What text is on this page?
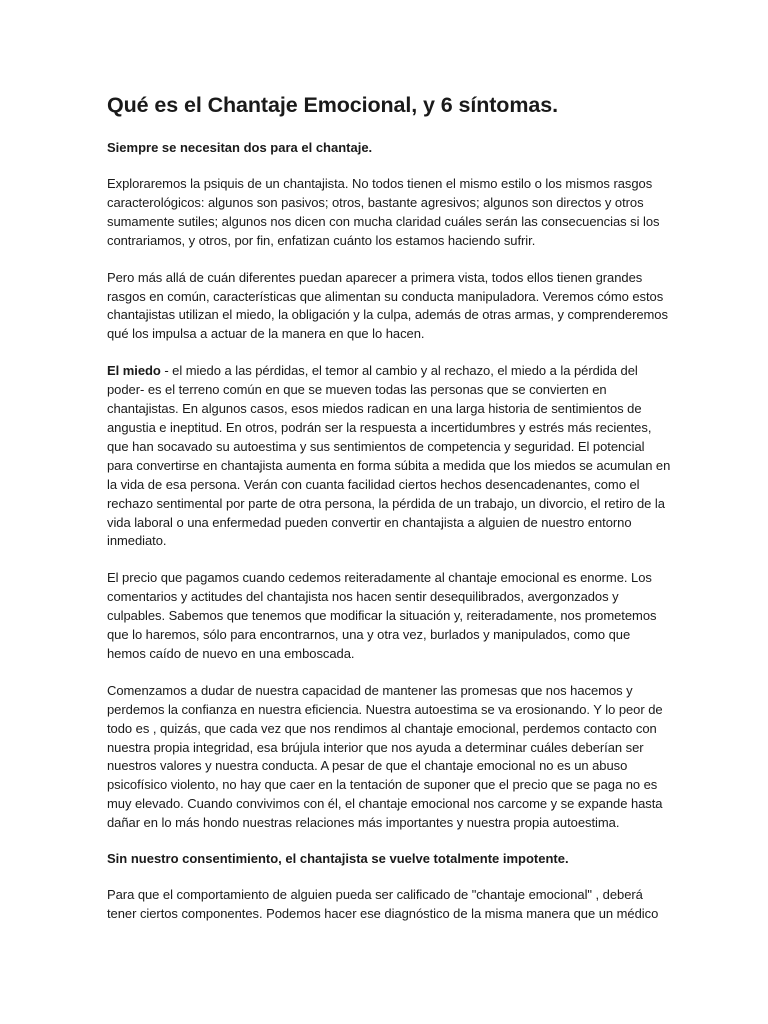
Qué es el Chantaje Emocional, y 6 síntomas.

Siempre se necesitan dos para el chantaje.

Exploraremos la psiquis de un chantajista. No todos tienen el mismo estilo o los mismos rasgos caracterológicos: algunos son pasivos; otros, bastante agresivos; algunos son directos y otros sumamente sutiles; algunos nos dicen con mucha claridad cuáles serán las consecuencias si los contrariamos, y otros, por fin, enfatizan cuánto los estamos haciendo sufrir.

Pero más allá de cuán diferentes puedan aparecer a primera vista, todos ellos tienen grandes rasgos en común, características que alimentan su conducta manipuladora. Veremos cómo estos chantajistas utilizan el miedo, la obligación y la culpa, además de otras armas, y comprenderemos qué los impulsa a actuar de la manera en que lo hacen.

El miedo - el miedo a las pérdidas, el temor al cambio y al rechazo, el miedo a la pérdida del poder- es el terreno común en que se mueven todas las personas que se convierten en chantajistas. En algunos casos, esos miedos radican en una larga historia de sentimientos de angustia e ineptitud. En otros, podrán ser la respuesta a incertidumbres y estrés más recientes, que han socavado su autoestima y sus sentimientos de competencia y seguridad. El potencial para convertirse en chantajista aumenta en forma súbita a medida que los miedos se acumulan en la vida de esa persona. Verán con cuanta facilidad ciertos hechos desencadenantes, como el rechazo sentimental por parte de otra persona, la pérdida de un trabajo, un divorcio, el retiro de la vida laboral o una enfermedad pueden convertir en chantajista a alguien de nuestro entorno inmediato.

El precio que pagamos cuando cedemos reiteradamente al chantaje emocional es enorme. Los comentarios y actitudes del chantajista nos hacen sentir desequilibrados, avergonzados y culpables. Sabemos que tenemos que modificar la situación y, reiteradamente, nos prometemos que lo haremos, sólo para encontrarnos, una y otra vez, burlados y manipulados, como que hemos caído de nuevo en una emboscada.

Comenzamos a dudar de nuestra capacidad de mantener las promesas que nos hacemos y perdemos la confianza en nuestra eficiencia. Nuestra autoestima se va erosionando. Y lo peor de todo es , quizás, que cada vez que nos rendimos al chantaje emocional, perdemos contacto con nuestra propia integridad, esa brújula interior que nos ayuda a determinar cuáles deberían ser nuestros valores y nuestra conducta. A pesar de que el chantaje emocional no es un abuso psicofísico violento, no hay que caer en la tentación de suponer que el precio que se paga no es muy elevado. Cuando convivimos con él, el chantaje emocional nos carcome y se expande hasta dañar en lo más hondo nuestras relaciones más importantes y nuestra propia autoestima.

Sin nuestro consentimiento, el chantajista se vuelve totalmente impotente.

Para que el comportamiento de alguien pueda ser calificado de "chantaje emocional" , deberá tener ciertos componentes. Podemos hacer ese diagnóstico de la misma manera que un médico
